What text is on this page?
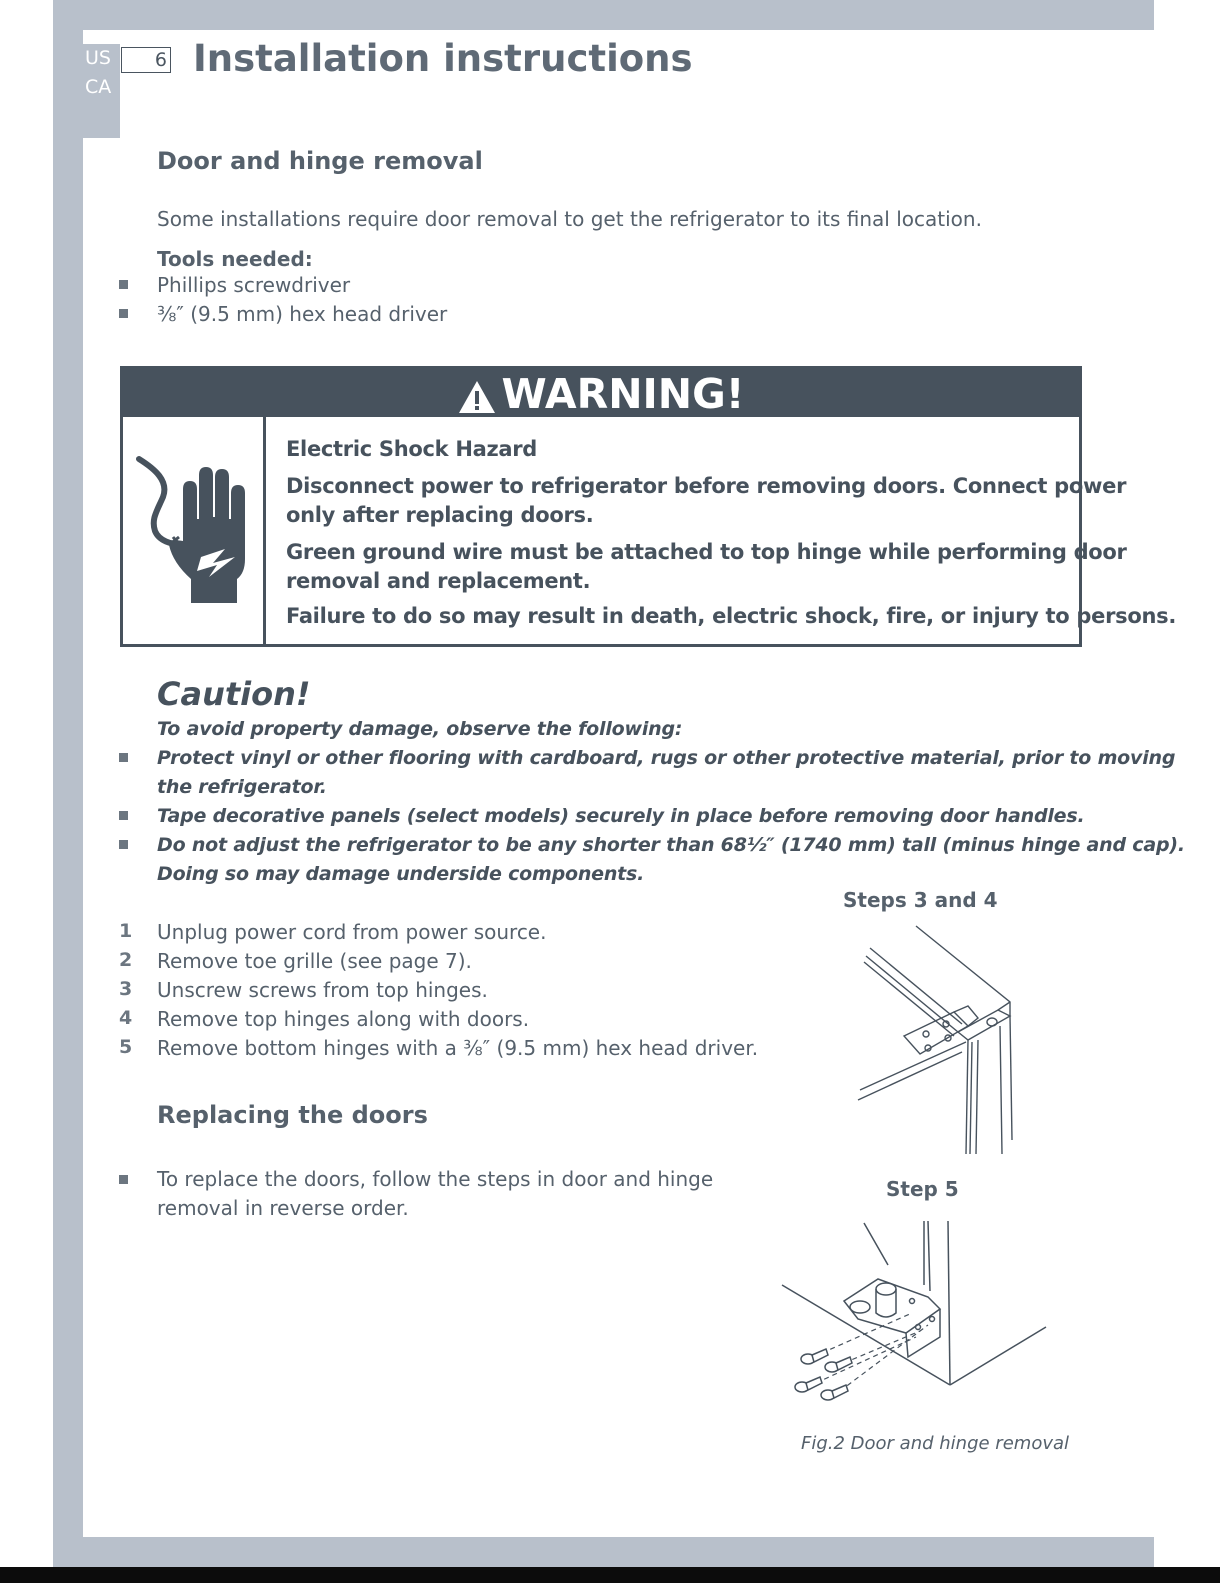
US
CA
6 Installation instructions
Door and hinge removal
Some installations require door removal to get the refrigerator to its final location.
Tools needed:
Phillips screwdriver
⅜″ (9.5 mm) hex head driver
WARNING!
Electric Shock Hazard
Disconnect power to refrigerator before removing doors. Connect power
only after replacing doors.
Green ground wire must be attached to top hinge while performing door
removal and replacement.
Failure to do so may result in death, electric shock, fire, or injury to persons.
Caution!
To avoid property damage, observe the following:
Protect vinyl or other flooring with cardboard, rugs or other protective material, prior to moving
the refrigerator.
Tape decorative panels (select models) securely in place before removing door handles.
Do not adjust the refrigerator to be any shorter than 68½″ (1740 mm) tall (minus hinge and cap).
Doing so may damage underside components.
1 Unplug power cord from power source.
2 Remove toe grille (see page 7).
3 Unscrew screws from top hinges.
4 Remove top hinges along with doors.
5 Remove bottom hinges with a ⅜″ (9.5 mm) hex head driver.
Replacing the doors
To replace the doors, follow the steps in door and hinge
removal in reverse order.
Steps 3 and 4
Step 5
Fig.2 Door and hinge removal
